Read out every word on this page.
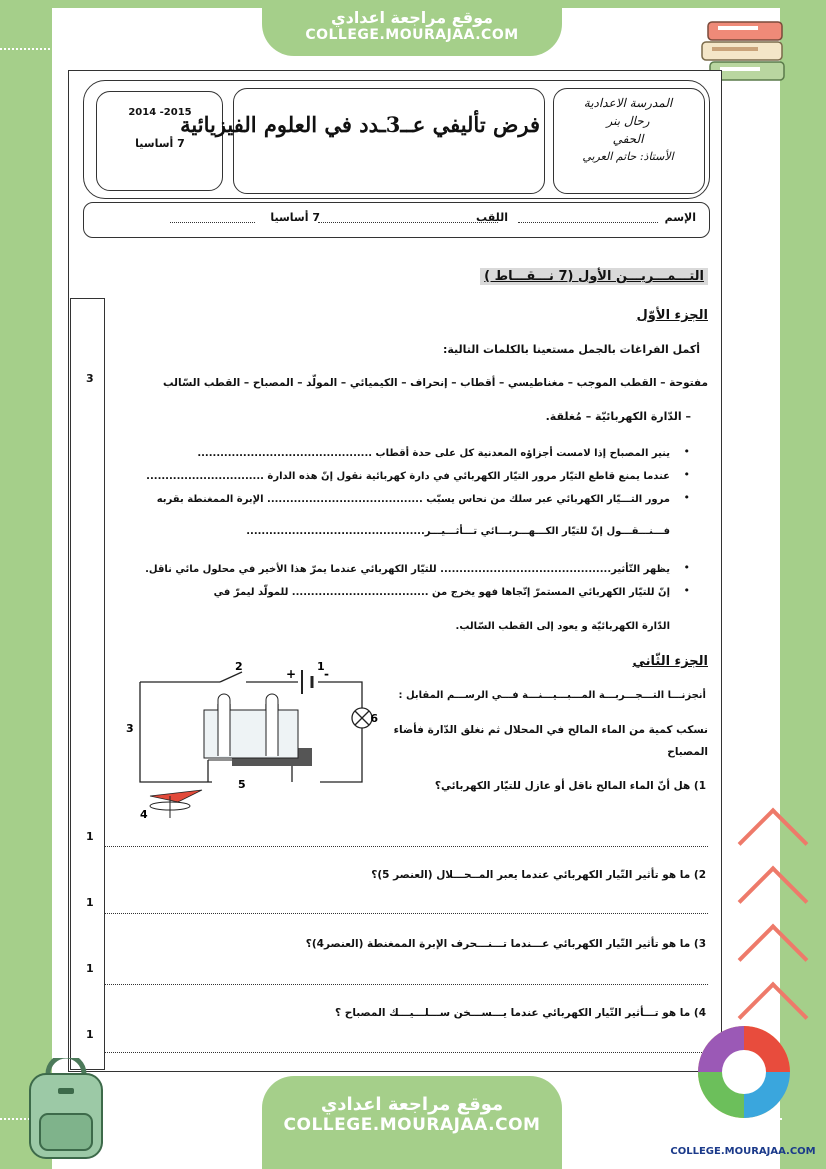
موقع مراجعة اعدادي
COLLEGE.MOURAJAA.COM
2014 -2015
7 أساسيا
فرض تأليفي عــ3ـدد في العلوم الفيزيائية
المدرسة الاعدادية
رحال بنر
الحفي
الأستاذ: حاتم العربي
الإسم
اللقب
7 أساسيا
التـــمـــريـــن الأول (7 نـــقـــاط )
3
1
1
1
1
الجزء الأوّل
أكمل الفراغات بالجمل مستعينا بالكلمات التالية:
مفتوحة – القطب الموجب – مغناطيسي – أقطاب – إنحراف – الكيميائي – المولّد – المصباح – القطب السّالب
– الدّارة الكهربائيّة – مُغلقة.
•
ينير المصباح إذا لامست أجزاؤه المعدنية كل على حدة أقطاب ..............................................
•
عندما يمنع قاطع التيّار مرور التيّار الكهربائي في دارة كهربائية نقول إنّ هذه الدارة ...............................
•
مرور التـــيّار الكهربائي عبر سلك من نحاس يسبّب ......................................... الإبرة الممغنطة بقربه
فـــنـــقـــول إنّ للتيّار الكـــهـــربـــائي تـــأثـــيـــر...............................................
•
يظهر التّأثير............................................. للتيّار الكهربائي عندما يمرّ هذا الأخير في محلول مائي ناقل.
•
إنّ للتيّار الكهربائي المستمرّ إتّجاها فهو يخرج من .................................... للمولّد ليمرّ في
الدّارة الكهربائيّة و يعود إلى القطب السّالب.
الجزء الثّاني
أنجزنـــا التـــجـــربـــة المـــبـــيـــنـــة فـــي الرســـم المقابل :
نسكب كمية من الماء المالح في المحلال ثم نغلق الدّارة فأضاء
المصباح
1
2
3
4
5
6
+ -
1) هل أنّ الماء المالح ناقل أو عازل للتيّار الكهربائي؟
2) ما هو تأثير التّيار الكهربائي عندما يعبر المــحـــلال (العنصر 5)؟
3) ما هو تأثير التّيار الكهربائي عـــندما تـــنـــحرف الإبرة الممغنطة (العنصر4)؟
4) ما هو تـــأثير التّيار الكهربائي عندما يـــســـخن ســـلـــيـــك المصباح ؟
موقع مراجعة اعدادي
COLLEGE.MOURAJAA.COM
COLLEGE.MOURAJAA.COM
